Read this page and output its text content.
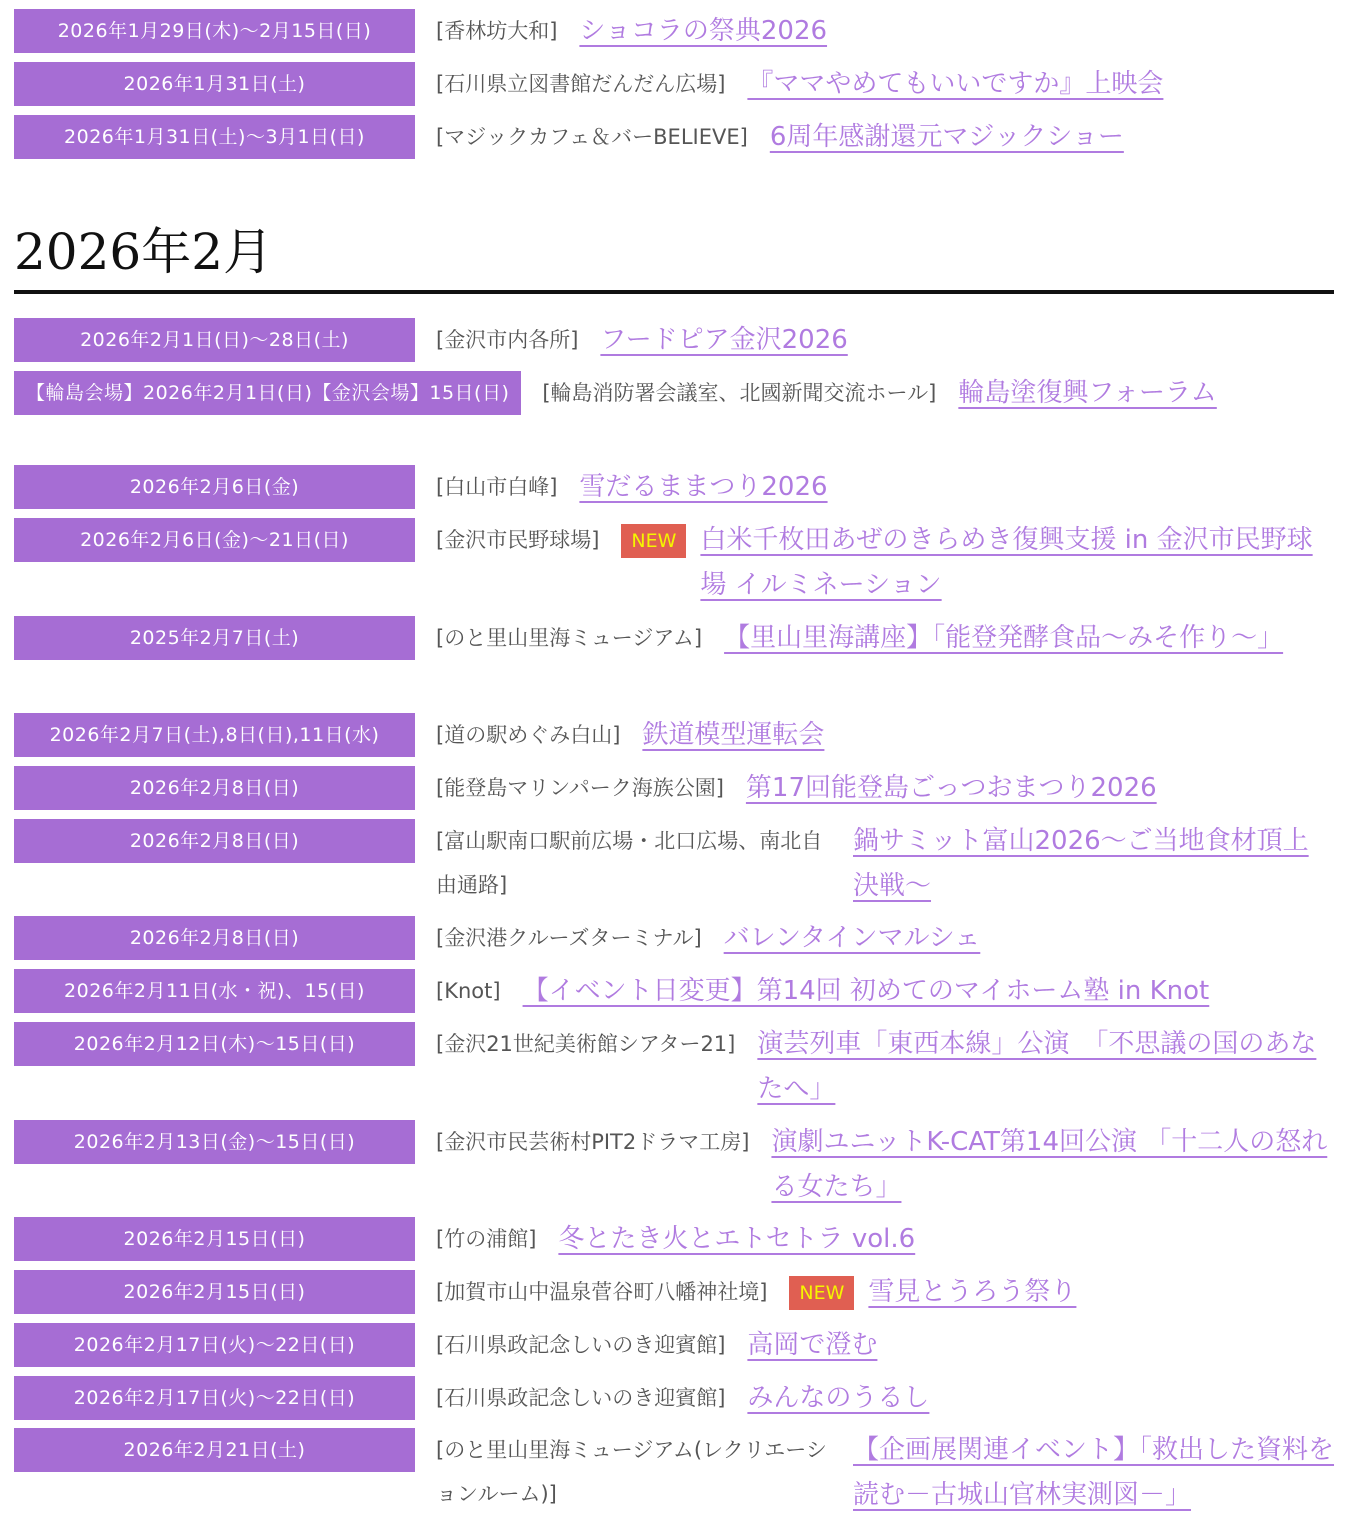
2026年1月29日(木)～2月15日(日)	[香林坊大和] ショコラの祭典2026
2026年1月31日(土)	[石川県立図書館だんだん広場] 『ママやめてもいいですか』上映会
2026年1月31日(土)～3月1日(日)	[マジックカフェ＆バーBELIEVE] 6周年感謝還元マジックショー
2026年2月
2026年2月1日(日)～28日(土)	[金沢市内各所] フードピア金沢2026
【輪島会場】2026年2月1日(日)【金沢会場】15日(日)	[輪島消防署会議室、北國新聞交流ホール] 輪島塗復興フォーラム
2026年2月6日(金)	[白山市白峰] 雪だるままつり2026
2026年2月6日(金)～21日(日)	[金沢市民野球場]	NEW 白米千枚田あぜのきらめき復興支援 in 金沢市民野球場 イルミネーション
2025年2月7日(土)	[のと里山里海ミュージアム] 【里山里海講座】「能登発酵食品～みそ作り～」
2026年2月7日(土),8日(日),11日(水)	[道の駅めぐみ白山] 鉄道模型運転会
2026年2月8日(日)	[能登島マリンパーク海族公園] 第17回能登島ごっつおまつり2026
2026年2月8日(日)	[富山駅南口駅前広場・北口広場、南北自由通路]
鍋サミット富山2026～ご当地食材頂上決戦～
2026年2月8日(日)	[金沢港クルーズターミナル] バレンタインマルシェ
2026年2月11日(水・祝)、15(日)	[Knot] 【イベント日変更】第14回 初めてのマイホーム塾 in Knot
2026年2月12日(木)～15日(日)	[金沢21世紀美術館シアター21] 演芸列車「東西本線」公演　「不思議の国のあなたへ」
2026年2月13日(金)～15日(日)	[金沢市民芸術村PIT2ドラマ工房] 演劇ユニットK-CAT第14回公演 「十二人の怒れる女たち」
2026年2月15日(日)	[竹の浦館] 冬とたき火とエトセトラ vol.6
2026年2月15日(日)	[加賀市山中温泉菅谷町八幡神社境]	NEW 雪見とうろう祭り
2026年2月17日(火)～22日(日)	[石川県政記念しいのき迎賓館] 高岡で澄む
2026年2月17日(火)～22日(日)	[石川県政記念しいのき迎賓館] みんなのうるし
2026年2月21日(土)	[のと里山里海ミュージアム(レクリエーションルーム)]
【企画展関連イベント】「救出した資料を読む－古城山官林実測図－」
